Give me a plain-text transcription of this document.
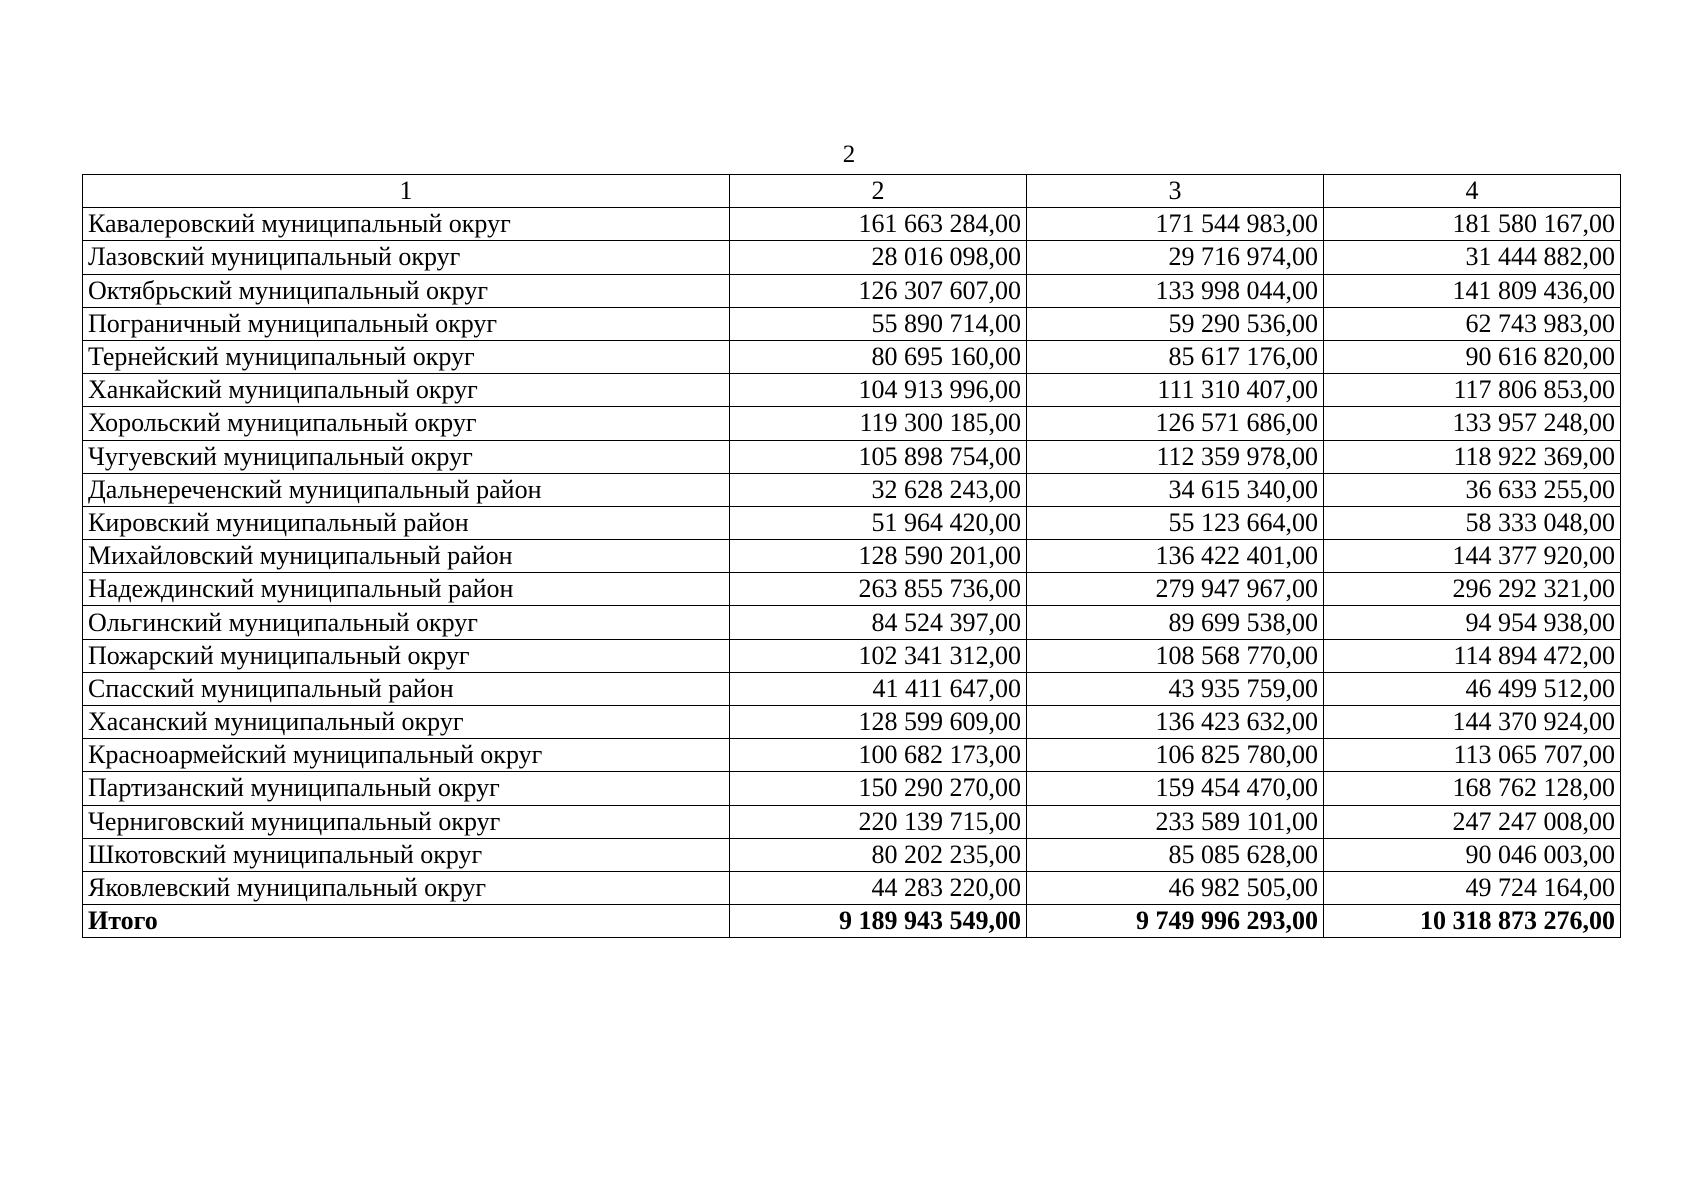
2
1	2	3	4
Кавалеровский муниципальный округ	161 663 284,00	171 544 983,00	181 580 167,00
Лазовский муниципальный округ	28 016 098,00	29 716 974,00	31 444 882,00
Октябрьский муниципальный округ	126 307 607,00	133 998 044,00	141 809 436,00
Пограничный муниципальный округ	55 890 714,00	59 290 536,00	62 743 983,00
Тернейский муниципальный округ	80 695 160,00	85 617 176,00	90 616 820,00
Ханкайский муниципальный округ	104 913 996,00	111 310 407,00	117 806 853,00
Хорольский муниципальный округ	119 300 185,00	126 571 686,00	133 957 248,00
Чугуевский муниципальный округ	105 898 754,00	112 359 978,00	118 922 369,00
Дальнереченский муниципальный район	32 628 243,00	34 615 340,00	36 633 255,00
Кировский муниципальный район	51 964 420,00	55 123 664,00	58 333 048,00
Михайловский муниципальный район	128 590 201,00	136 422 401,00	144 377 920,00
Надеждинский муниципальный район	263 855 736,00	279 947 967,00	296 292 321,00
Ольгинский муниципальный округ	84 524 397,00	89 699 538,00	94 954 938,00
Пожарский муниципальный округ	102 341 312,00	108 568 770,00	114 894 472,00
Спасский муниципальный район	41 411 647,00	43 935 759,00	46 499 512,00
Хасанский муниципальный округ	128 599 609,00	136 423 632,00	144 370 924,00
Красноармейский муниципальный округ	100 682 173,00	106 825 780,00	113 065 707,00
Партизанский муниципальный округ	150 290 270,00	159 454 470,00	168 762 128,00
Черниговский муниципальный округ	220 139 715,00	233 589 101,00	247 247 008,00
Шкотовский муниципальный округ	80 202 235,00	85 085 628,00	90 046 003,00
Яковлевский муниципальный округ	44 283 220,00	46 982 505,00	49 724 164,00
Итого	9 189 943 549,00	9 749 996 293,00	10 318 873 276,00
